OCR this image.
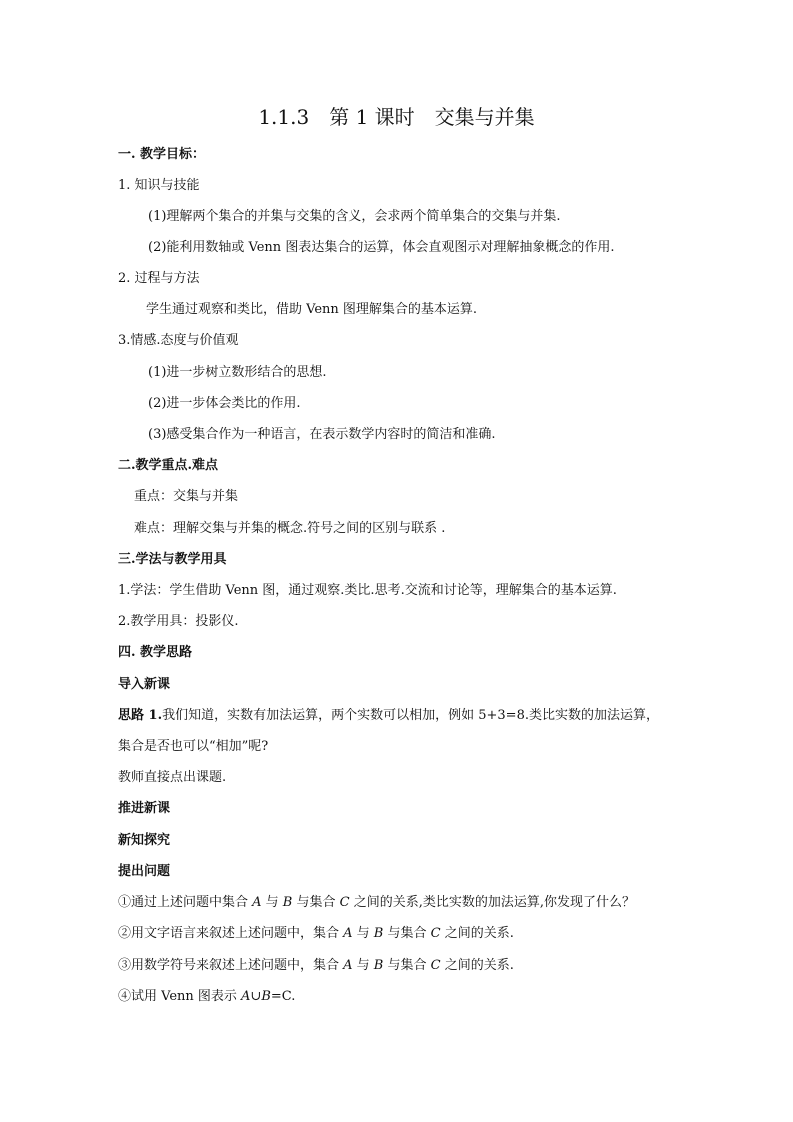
1.1.3　第 1 课时　交集与并集
一. 教学目标：
1. 知识与技能
(1)理解两个集合的并集与交集的含义，会求两个简单集合的交集与并集.
(2)能利用数轴或 Venn 图表达集合的运算，体会直观图示对理解抽象概念的作用.
2. 过程与方法
学生通过观察和类比，借助 Venn 图理解集合的基本运算.
3.情感.态度与价值观
(1)进一步树立数形结合的思想.
(2)进一步体会类比的作用.
(3)感受集合作为一种语言，在表示数学内容时的简洁和准确.
二.教学重点.难点
重点：交集与并集
难点：理解交集与并集的概念.符号之间的区别与联系 .
三.学法与教学用具
1.学法：学生借助 Venn 图，通过观察.类比.思考.交流和讨论等，理解集合的基本运算.
2.教学用具：投影仪.
四. 教学思路
导入新课
思路 1.我们知道，实数有加法运算，两个实数可以相加，例如 5+3=8.类比实数的加法运算，
集合是否也可以“相加”呢?
教师直接点出课题.
推进新课
新知探究
提出问题
①通过上述问题中集合 A 与 B 与集合 C 之间的关系,类比实数的加法运算,你发现了什么？
②用文字语言来叙述上述问题中，集合 A 与 B 与集合 C 之间的关系.
③用数学符号来叙述上述问题中，集合 A 与 B 与集合 C 之间的关系.
④试用 Venn 图表示 A∪B=C.
